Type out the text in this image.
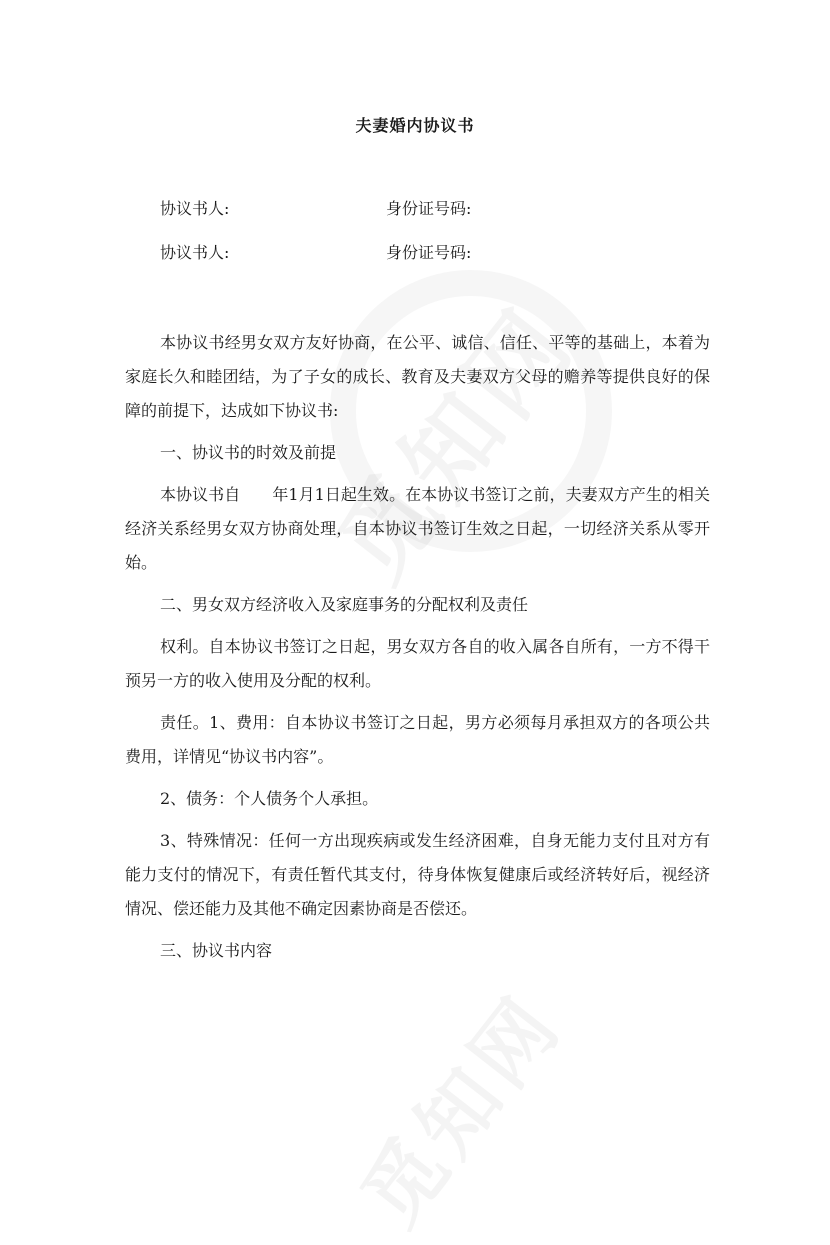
夫妻婚内协议书
协议书人:	身份证号码:
协议书人:	身份证号码:

本协议书经男女双方友好协商，在公平、诚信、信任、平等的基础上，本着为家庭长久和睦团结，为了子女的成长、教育及夫妻双方父母的赡养等提供良好的保障的前提下，达成如下协议书:

一、协议书的时效及前提

本协议书自　　年1月1日起生效。在本协议书签订之前，夫妻双方产生的相关经济关系经男女双方协商处理，自本协议书签订生效之日起，一切经济关系从零开始。

二、男女双方经济收入及家庭事务的分配权利及责任

权利。自本协议书签订之日起，男女双方各自的收入属各自所有，一方不得干预另一方的收入使用及分配的权利。

责任。1、费用：自本协议书签订之日起，男方必须每月承担双方的各项公共费用，详情见“协议书内容”。

2、债务：个人债务个人承担。

3、特殊情况：任何一方出现疾病或发生经济困难，自身无能力支付且对方有能力支付的情况下，有责任暂代其支付，待身体恢复健康后或经济转好后，视经济情况、偿还能力及其他不确定因素协商是否偿还。

三、协议书内容
